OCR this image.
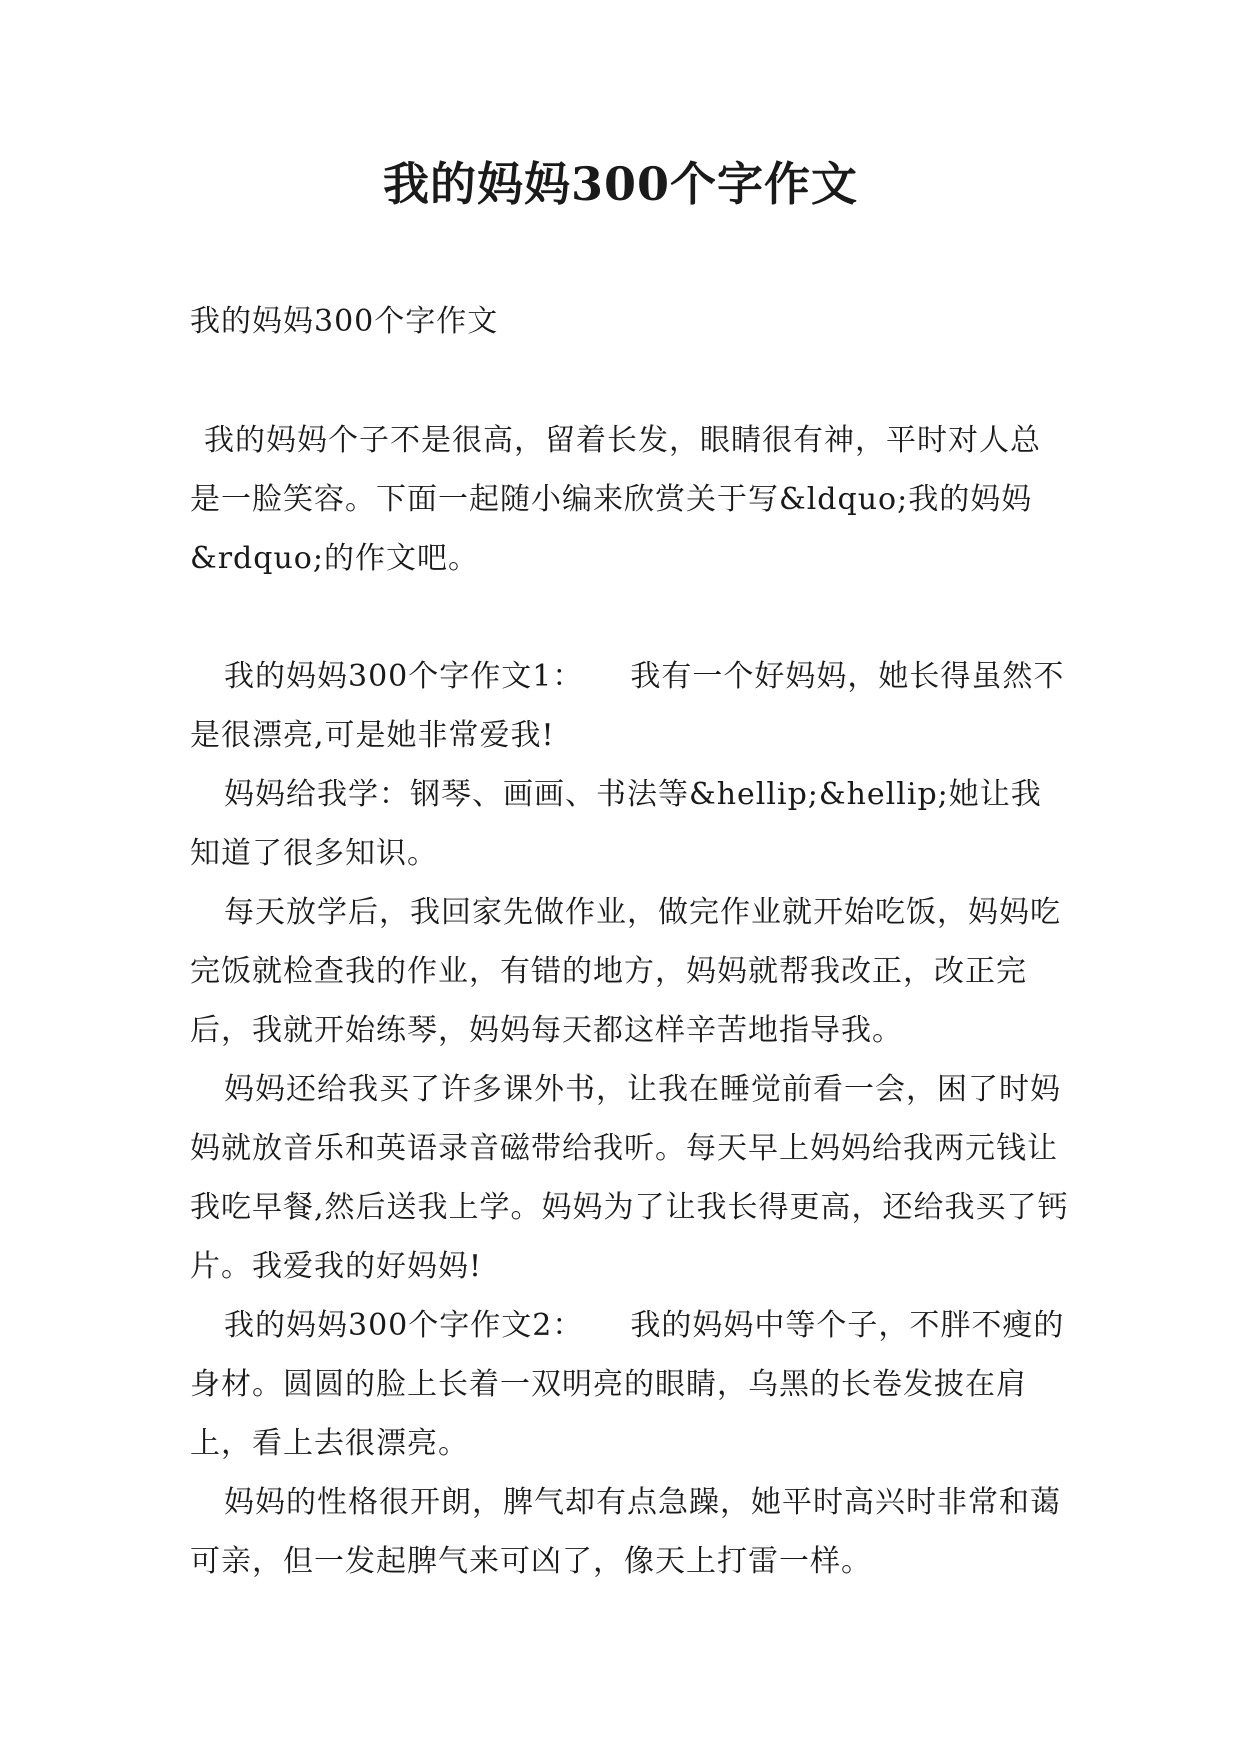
我的妈妈300个字作文

我的妈妈300个字作文

我的妈妈个子不是很高，留着长发，眼睛很有神，平时对人总是一脸笑容。下面一起随小编来欣赏关于写&ldquo;我的妈妈&rdquo;的作文吧。

我的妈妈300个字作文1：　　我有一个好妈妈，她长得虽然不是很漂亮,可是她非常爱我!

妈妈给我学：钢琴、画画、书法等&hellip;&hellip;她让我知道了很多知识。

每天放学后，我回家先做作业，做完作业就开始吃饭，妈妈吃完饭就检查我的作业，有错的地方，妈妈就帮我改正，改正完后，我就开始练琴，妈妈每天都这样辛苦地指导我。

妈妈还给我买了许多课外书，让我在睡觉前看一会，困了时妈妈就放音乐和英语录音磁带给我听。每天早上妈妈给我两元钱让我吃早餐,然后送我上学。妈妈为了让我长得更高，还给我买了钙片。我爱我的好妈妈!

我的妈妈300个字作文2：　　我的妈妈中等个子，不胖不瘦的身材。圆圆的脸上长着一双明亮的眼睛，乌黑的长卷发披在肩上，看上去很漂亮。

妈妈的性格很开朗，脾气却有点急躁，她平时高兴时非常和蔼可亲，但一发起脾气来可凶了，像天上打雷一样。
